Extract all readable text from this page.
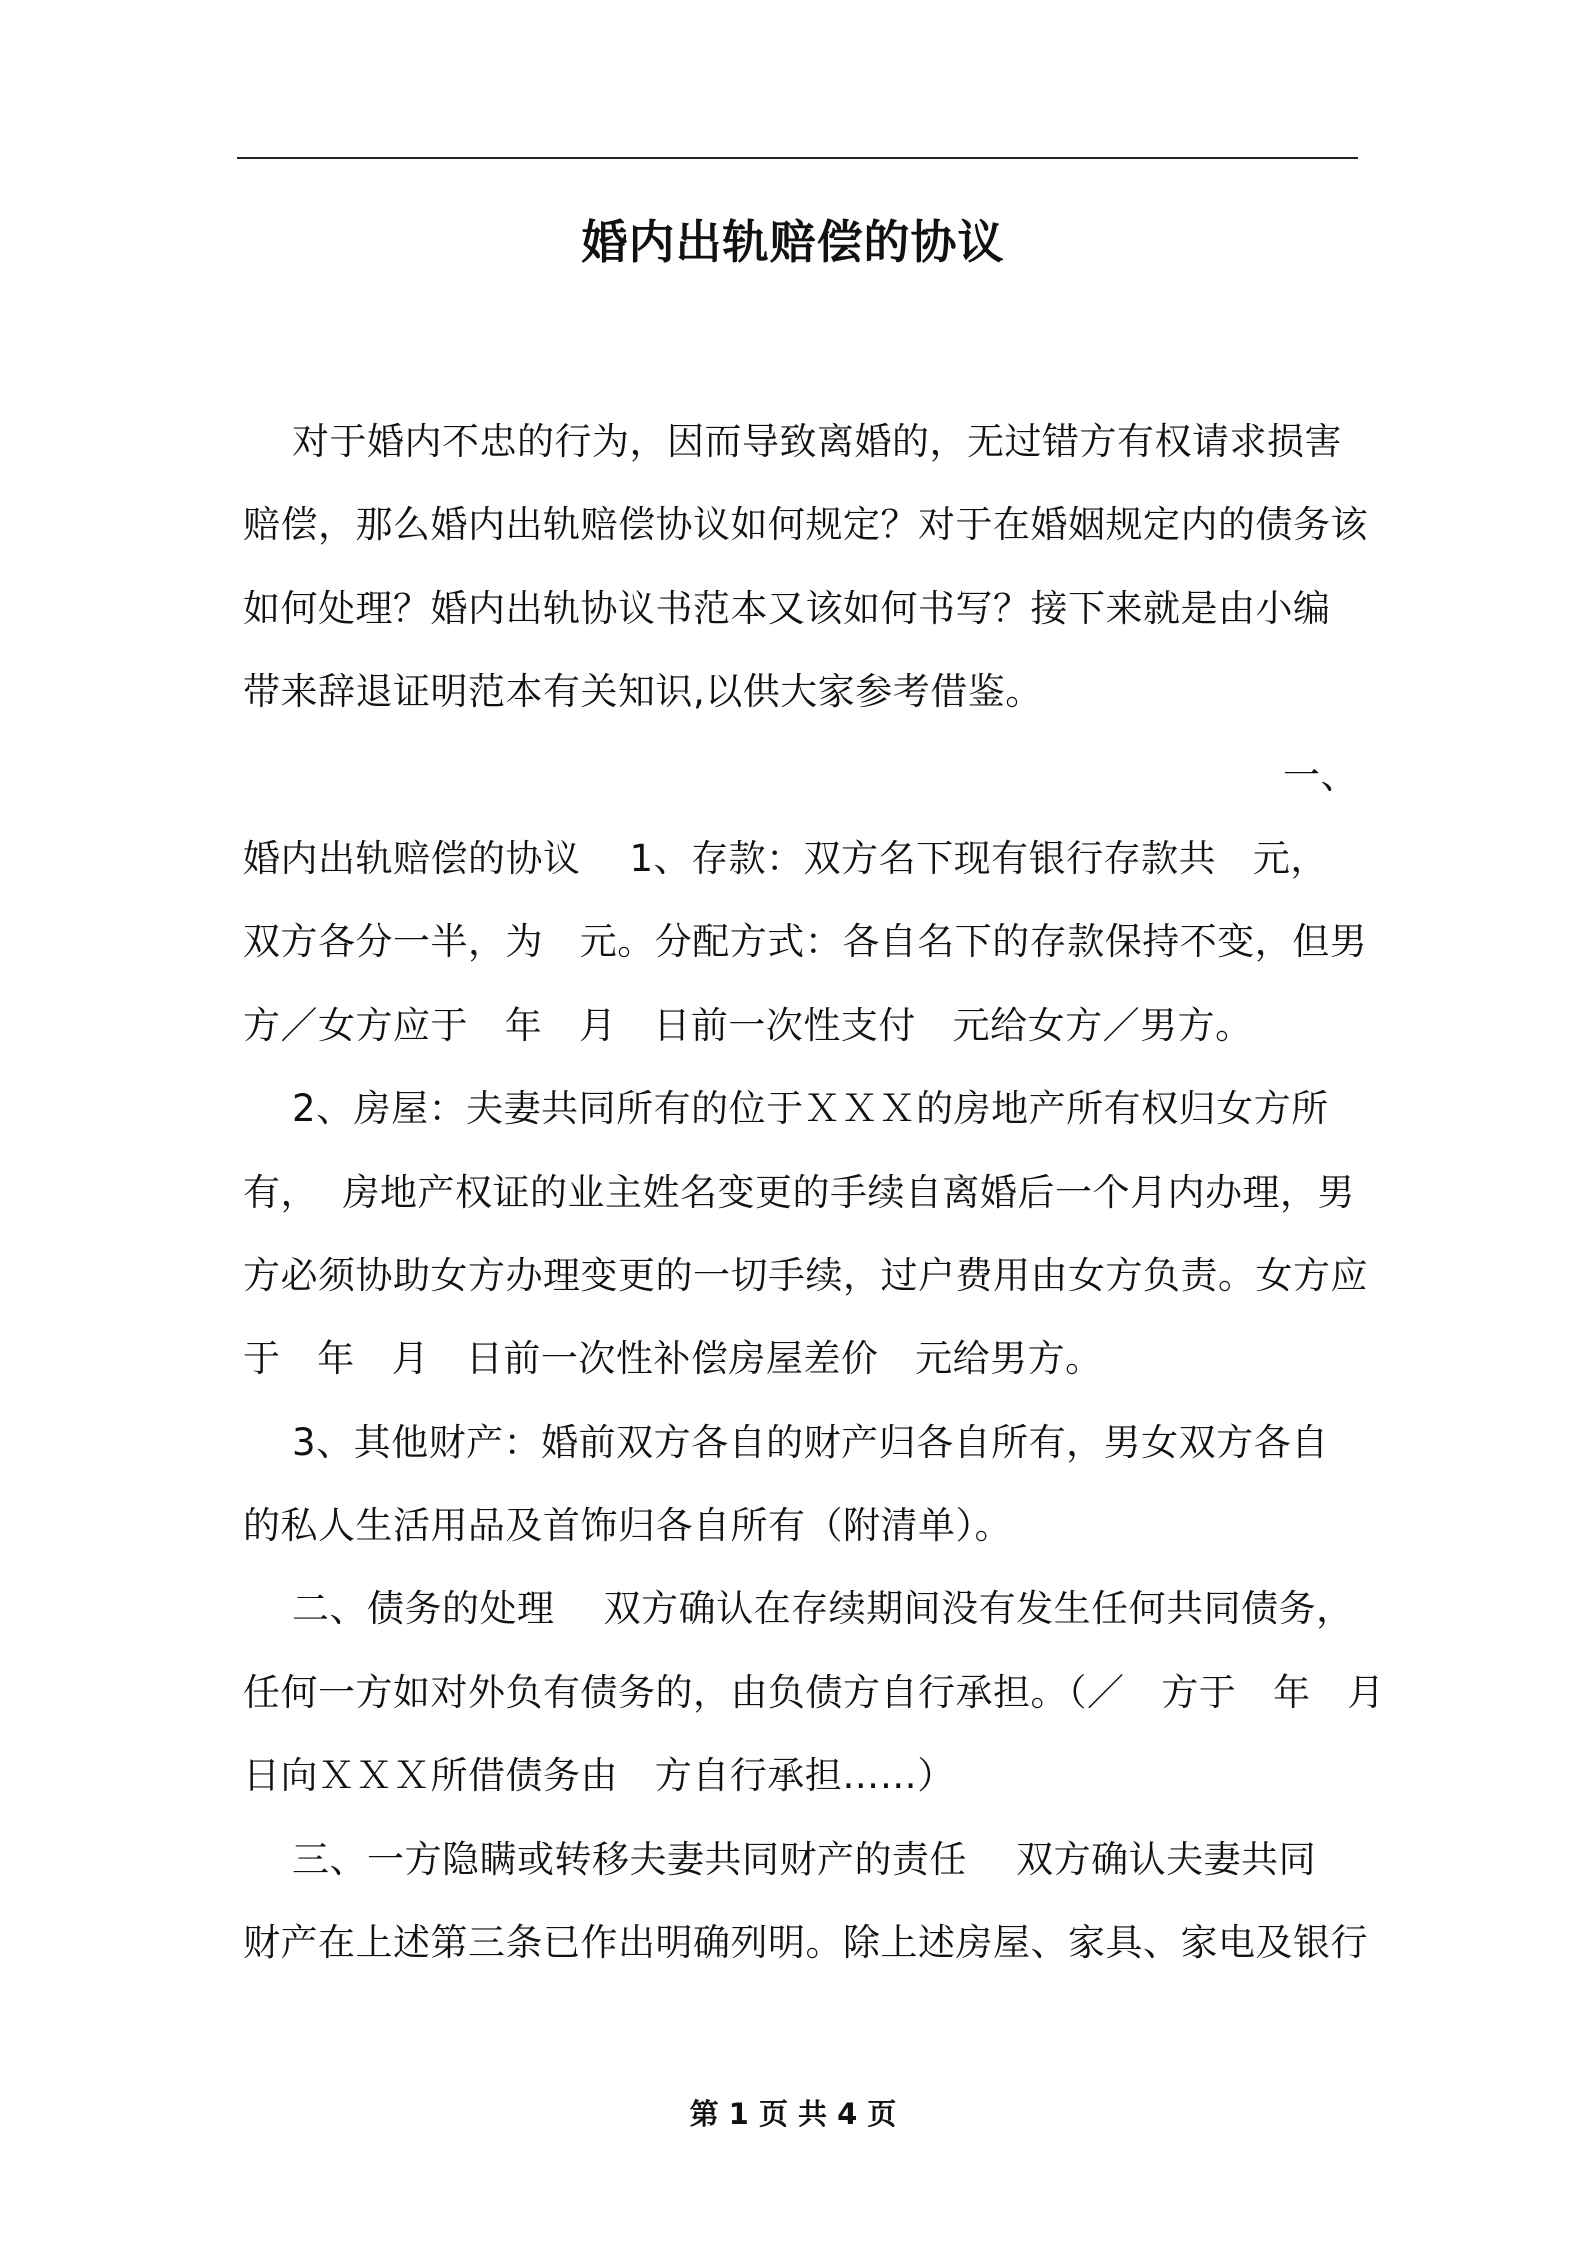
婚内出轨赔偿的协议
对于婚内不忠的行为，因而导致离婚的，无过错方有权请求损害
赔偿，那么婚内出轨赔偿协议如何规定？对于在婚姻规定内的债务该
如何处理？婚内出轨协议书范本又该如何书写？接下来就是由小编
带来辞退证明范本有关知识,以供大家参考借鉴。
一、
婚内出轨赔偿的协议    1、存款：双方名下现有银行存款共   元，
双方各分一半，为   元。分配方式：各自名下的存款保持不变，但男
方／女方应于   年   月   日前一次性支付   元给女方／男方。
2、房屋：夫妻共同所有的位于ＸＸＸ的房地产所有权归女方所
有，  房地产权证的业主姓名变更的手续自离婚后一个月内办理，男
方必须协助女方办理变更的一切手续，过户费用由女方负责。女方应
于   年   月   日前一次性补偿房屋差价   元给男方。
3、其他财产：婚前双方各自的财产归各自所有，男女双方各自
的私人生活用品及首饰归各自所有（附清单）。
二、债务的处理    双方确认在存续期间没有发生任何共同债务，
任何一方如对外负有债务的，由负债方自行承担。（／   方于   年   月
日向ＸＸＸ所借债务由   方自行承担……）
三、一方隐瞒或转移夫妻共同财产的责任    双方确认夫妻共同
财产在上述第三条已作出明确列明。除上述房屋、家具、家电及银行
第 1 页 共 4 页
